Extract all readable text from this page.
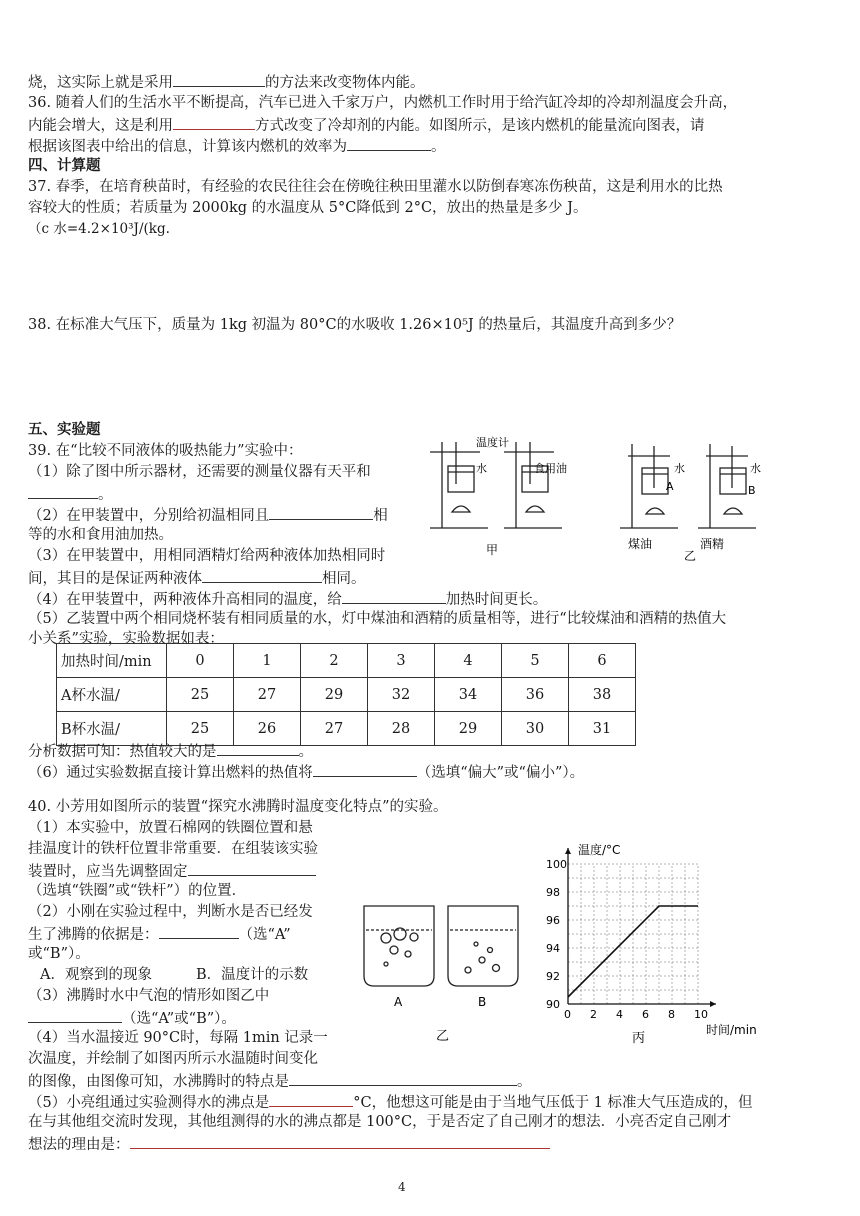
烧，这实际上就是采用	的方法来改变物体内能。
36. 随着人们的生活水平不断提高，汽车已进入千家万户，内燃机工作时用于给汽缸冷却的冷却剂温度会升高，
内能会增大，这是利用	方式改变了冷却剂的内能。如图所示，是该内燃机的能量流向图表，请
根据该图表中给出的信息，计算该内燃机的效率为	。
四、计算题
37. 春季，在培育秧苗时，有经验的农民往往会在傍晚往秧田里灌水以防倒春寒冻伤秧苗，这是利用水的比热
容较大的性质；若质量为 2000kg 的水温度从 5°C降低到 2°C，放出的热量是多少 J。
（c 水=4.2×10³J/(kg.
38. 在标准大气压下，质量为 1kg 初温为 80°C的水吸收 1.26×10⁵J 的热量后，其温度升高到多少？
五、实验题
39. 在“比较不同液体的吸热能力”实验中：
（1）除了图中所示器材，还需要的测量仪器有天平和
。
（2）在甲装置中，分别给初温相同且	相
等的水和食用油加热。
（3）在甲装置中，用相同酒精灯给两种液体加热相同时
间，其目的是保证两种液体	相同。
（4）在甲装置中，两种液体升高相同的温度，给	加热时间更长。
（5）乙装置中两个相同烧杯装有相同质量的水，灯中煤油和酒精的质量相等，进行“比较煤油和酒精的热值大
小关系”实验，实验数据如表：
温度计
水	食用油	水	水
A	B
甲	煤油	酒精
乙
加热时间/min	0	1	2	3	4	5	6
A杯水温/	25	27	29	32	34	36	38
B杯水温/	25	26	27	28	29	30	31
分析数据可知：热值较大的是	。
（6）通过实验数据直接计算出燃料的热值将	（选填“偏大”或“偏小”）。
40. 小芳用如图所示的装置“探究水沸腾时温度变化特点”的实验。
（1）本实验中，放置石棉网的铁圈位置和悬
挂温度计的铁杆位置非常重要．在组装该实验
装置时，应当先调整固定
（选填“铁圈”或“铁杆”）的位置．
（2）小刚在实验过程中，判断水是否已经发
生了沸腾的依据是：	（选“A”
或“B”）。
A．观察到的现象	B．温度计的示数
（3）沸腾时水中气泡的情形如图乙中
（选“A”或“B”）。
（4）当水温接近 90°C时，每隔 1min 记录一
次温度，并绘制了如图丙所示水温随时间变化
的图像，由图像可知，水沸腾时的特点是	。
（5）小亮组通过实验测得水的沸点是	°C，他想这可能是由于当地气压低于 1 标准大气压造成的，但
在与其他组交流时发现，其他组测得的水的沸点都是 100°C，于是否定了自己刚才的想法．小亮否定自己刚才
想法的理由是：
A	B
乙
0 2 4 6 8 10
90
92
94
96
98
100
温度/°C
时间/min
丙
4
